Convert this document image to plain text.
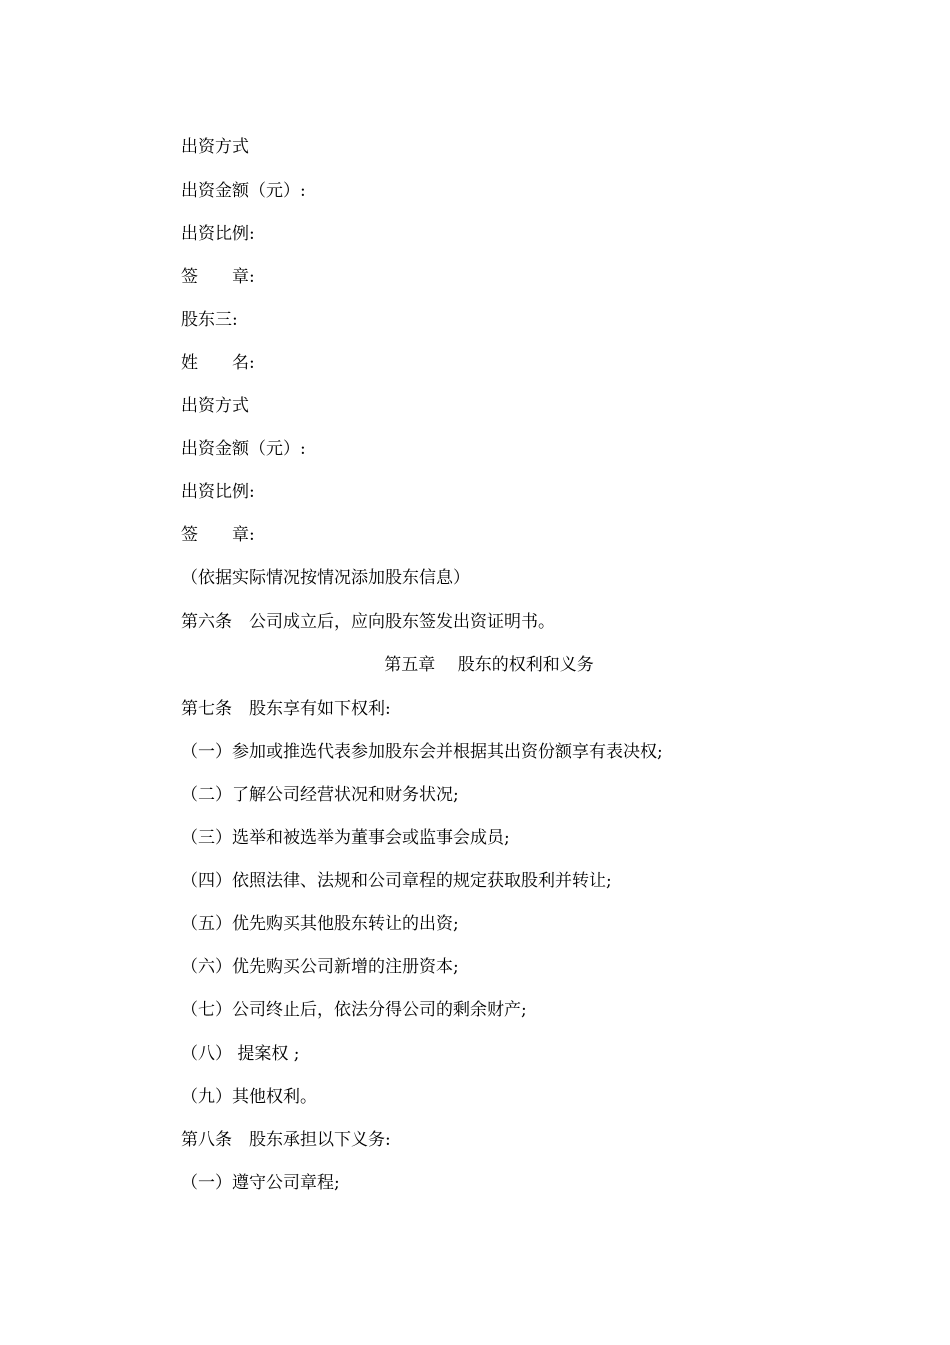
出资方式
出资金额（元）:
出资比例:
签　　章:
股东三:
姓　　名:
出资方式
出资金额（元）:
出资比例:
签　　章:
（依据实际情况按情况添加股东信息）
第六条　公司成立后，应向股东签发出资证明书。
第五章　 股东的权利和义务
第七条　股东享有如下权利:
（一）参加或推选代表参加股东会并根据其出资份额享有表决权;
（二）了解公司经营状况和财务状况;
（三）选举和被选举为董事会或监事会成员;
（四）依照法律、法规和公司章程的规定获取股利并转让;
（五）优先购买其他股东转让的出资;
（六）优先购买公司新增的注册资本;
（七）公司终止后，依法分得公司的剩余财产;
（八） 提案权 ;
（九）其他权利。
第八条　股东承担以下义务:
（一）遵守公司章程;
